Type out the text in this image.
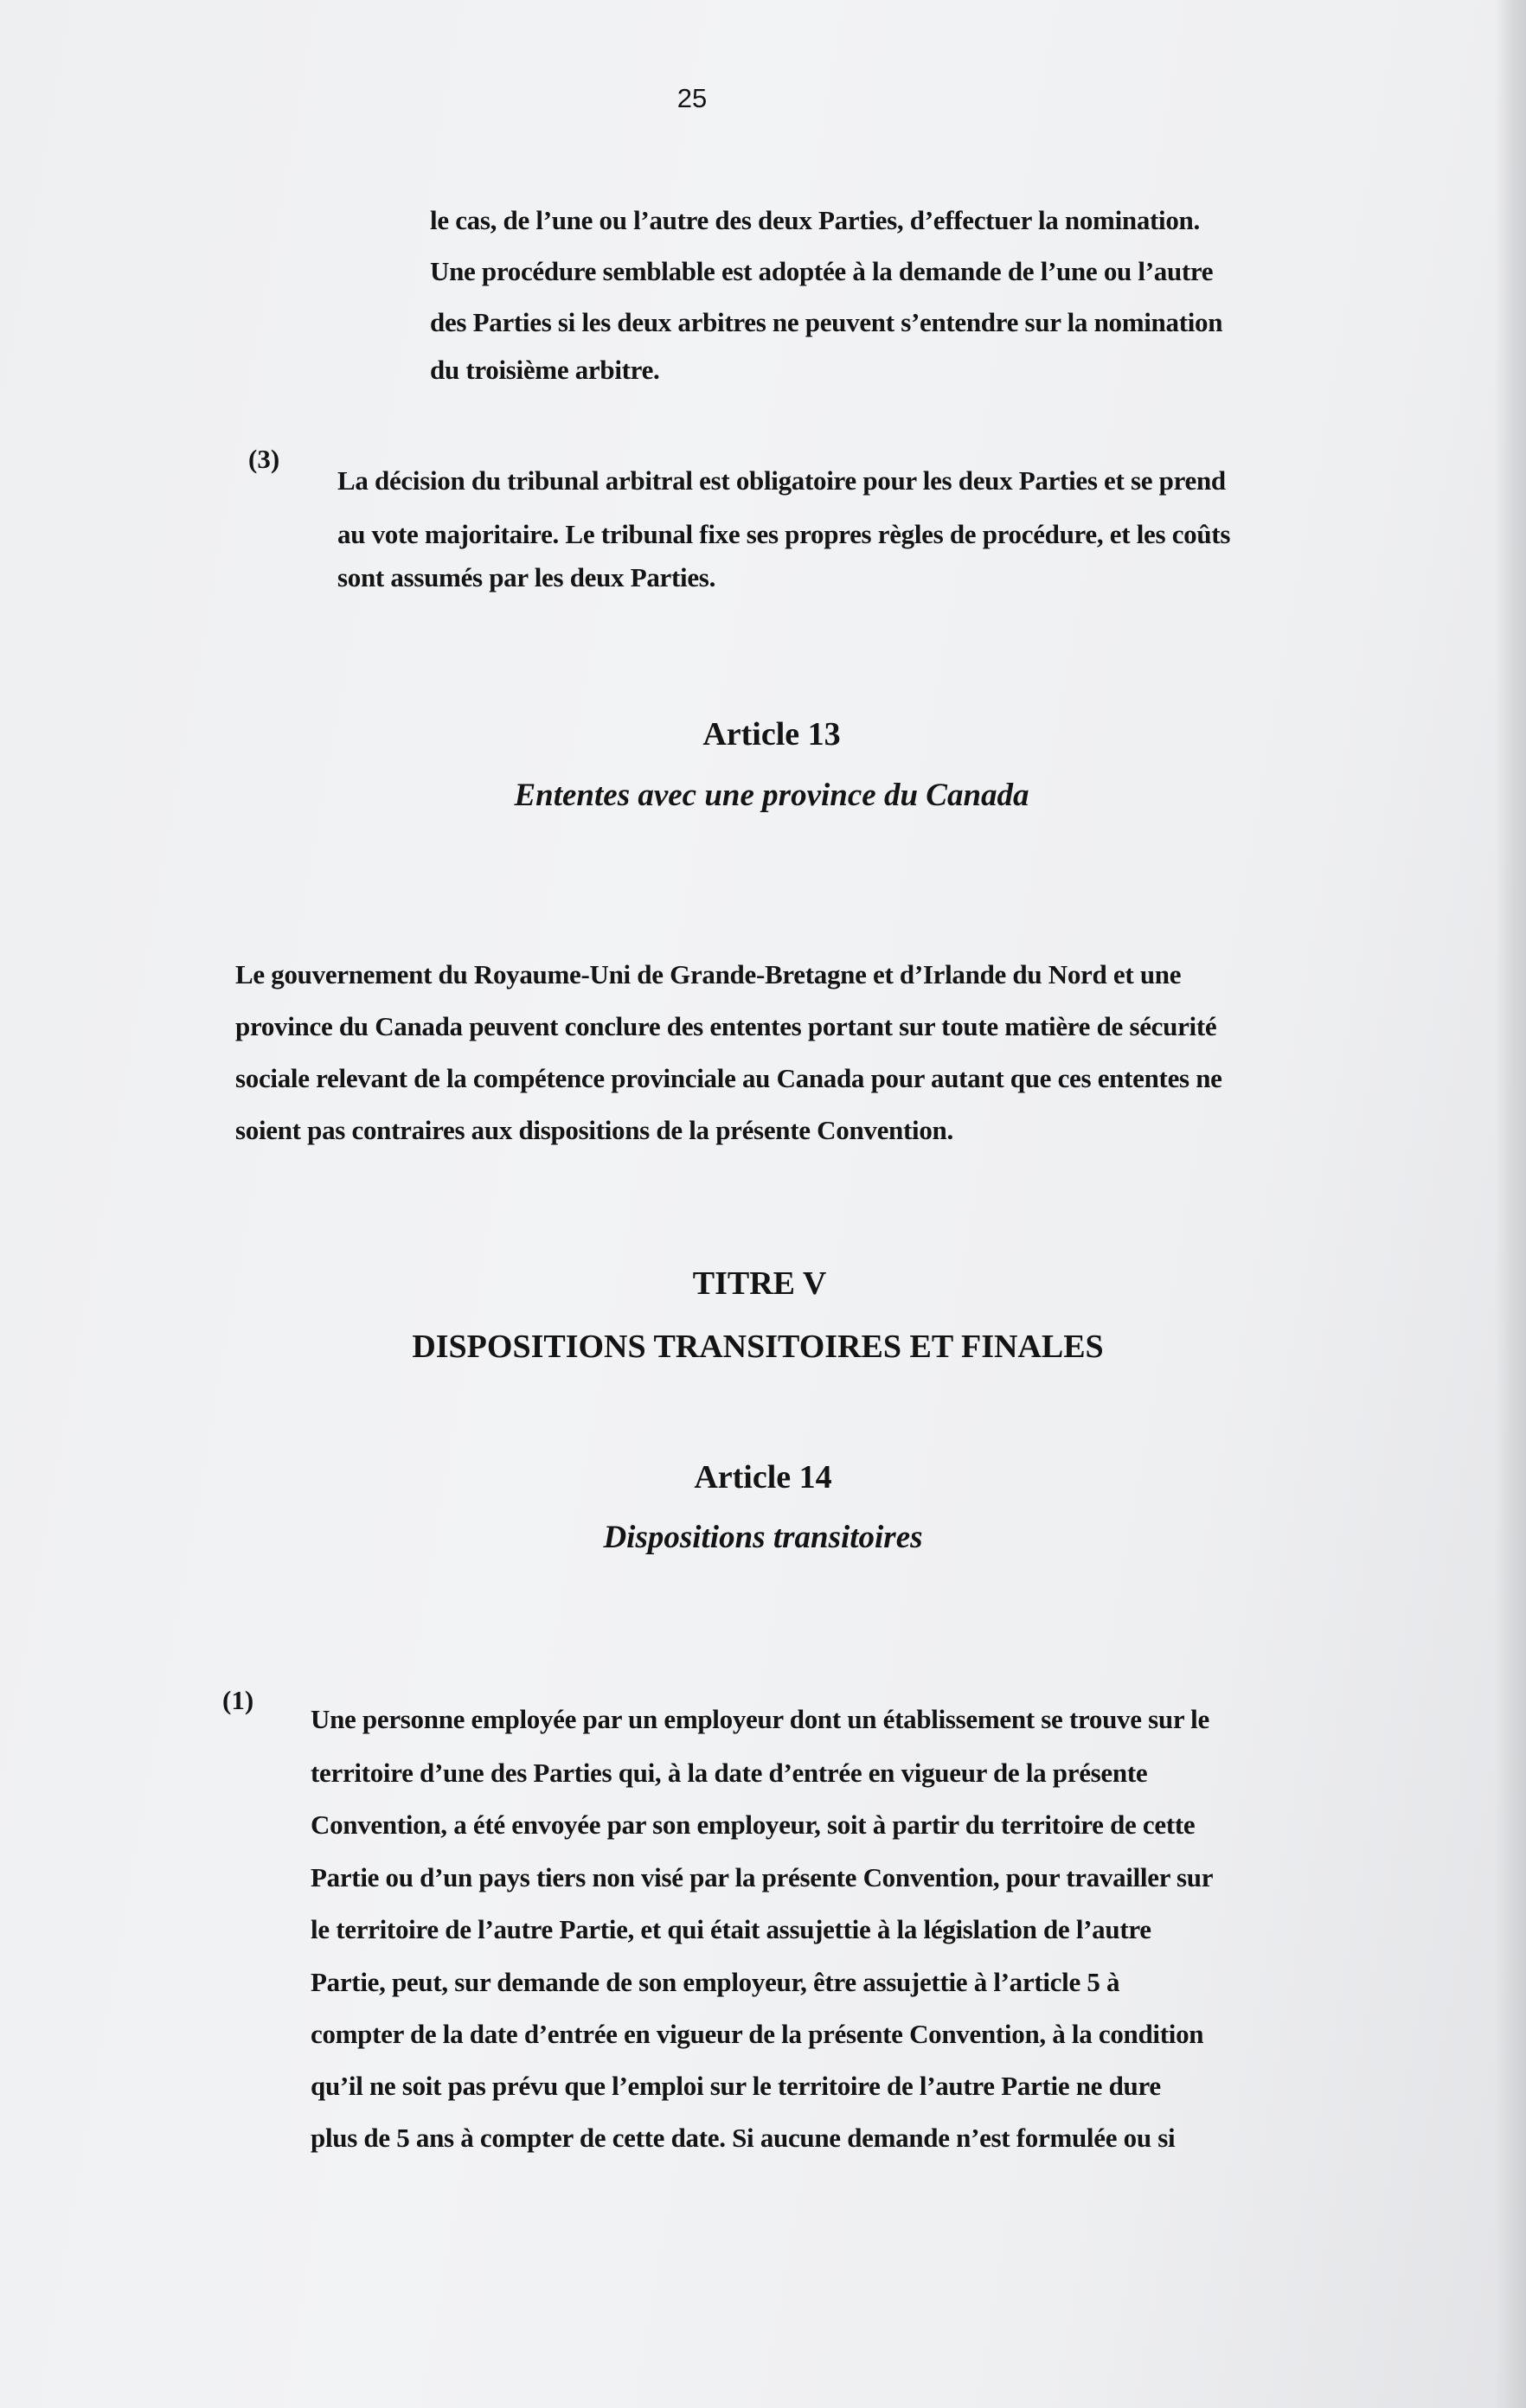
25

le cas, de l’une ou l’autre des deux Parties, d’effectuer la nomination.

Une procédure semblable est adoptée à la demande de l’une ou l’autre

des Parties si les deux arbitres ne peuvent s’entendre sur la nomination

du troisième arbitre.

(3)

La décision du tribunal arbitral est obligatoire pour les deux Parties et se prend

au vote majoritaire. Le tribunal fixe ses propres règles de procédure, et les coûts

sont assumés par les deux Parties.

Article 13
Ententes avec une province du Canada

Le gouvernement du Royaume-Uni de Grande-Bretagne et d’Irlande du Nord et une

province du Canada peuvent conclure des ententes portant sur toute matière de sécurité

sociale relevant de la compétence provinciale au Canada pour autant que ces ententes ne

soient pas contraires aux dispositions de la présente Convention.

TITRE V
DISPOSITIONS TRANSITOIRES ET FINALES
Article 14
Dispositions transitoires
(1)

Une personne employée par un employeur dont un établissement se trouve sur le

territoire d’une des Parties qui, à la date d’entrée en vigueur de la présente

Convention, a été envoyée par son employeur, soit à partir du territoire de cette

Partie ou d’un pays tiers non visé par la présente Convention, pour travailler sur

le territoire de l’autre Partie, et qui était assujettie à la législation de l’autre

Partie, peut, sur demande de son employeur, être assujettie à l’article 5 à

compter de la date d’entrée en vigueur de la présente Convention, à la condition

qu’il ne soit pas prévu que l’emploi sur le territoire de l’autre Partie ne dure

plus de 5 ans à compter de cette date. Si aucune demande n’est formulée ou si
